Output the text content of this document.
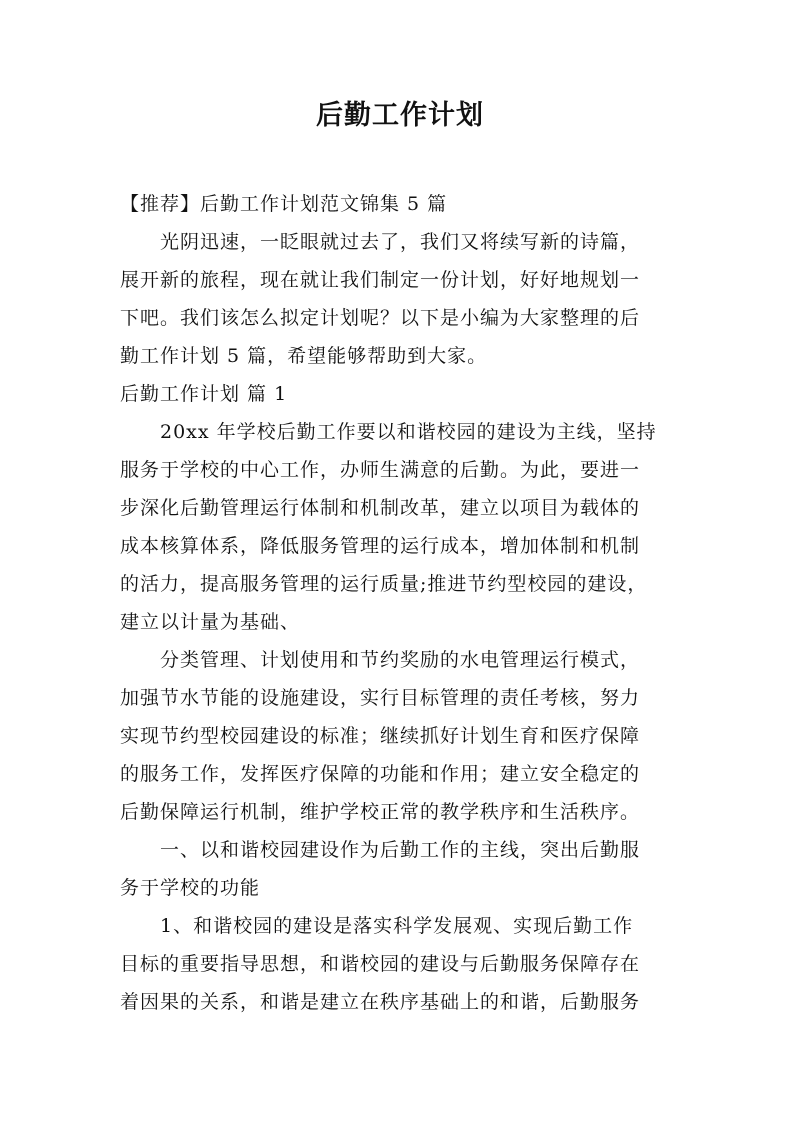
后勤工作计划
【推荐】后勤工作计划范文锦集 5 篇
光阴迅速，一眨眼就过去了，我们又将续写新的诗篇，
展开新的旅程，现在就让我们制定一份计划，好好地规划一
下吧。我们该怎么拟定计划呢？以下是小编为大家整理的后
勤工作计划 5 篇，希望能够帮助到大家。
后勤工作计划 篇 1
20xx 年学校后勤工作要以和谐校园的建设为主线，坚持
服务于学校的中心工作，办师生满意的后勤。为此，要进一
步深化后勤管理运行体制和机制改革，建立以项目为载体的
成本核算体系，降低服务管理的运行成本，增加体制和机制
的活力，提高服务管理的运行质量;推进节约型校园的建设，
建立以计量为基础、
分类管理、计划使用和节约奖励的水电管理运行模式，
加强节水节能的设施建设，实行目标管理的责任考核，努力
实现节约型校园建设的标准；继续抓好计划生育和医疗保障
的服务工作，发挥医疗保障的功能和作用；建立安全稳定的
后勤保障运行机制，维护学校正常的教学秩序和生活秩序。
一、以和谐校园建设作为后勤工作的主线，突出后勤服
务于学校的功能
1、和谐校园的建设是落实科学发展观、实现后勤工作
目标的重要指导思想，和谐校园的建设与后勤服务保障存在
着因果的关系，和谐是建立在秩序基础上的和谐，后勤服务
